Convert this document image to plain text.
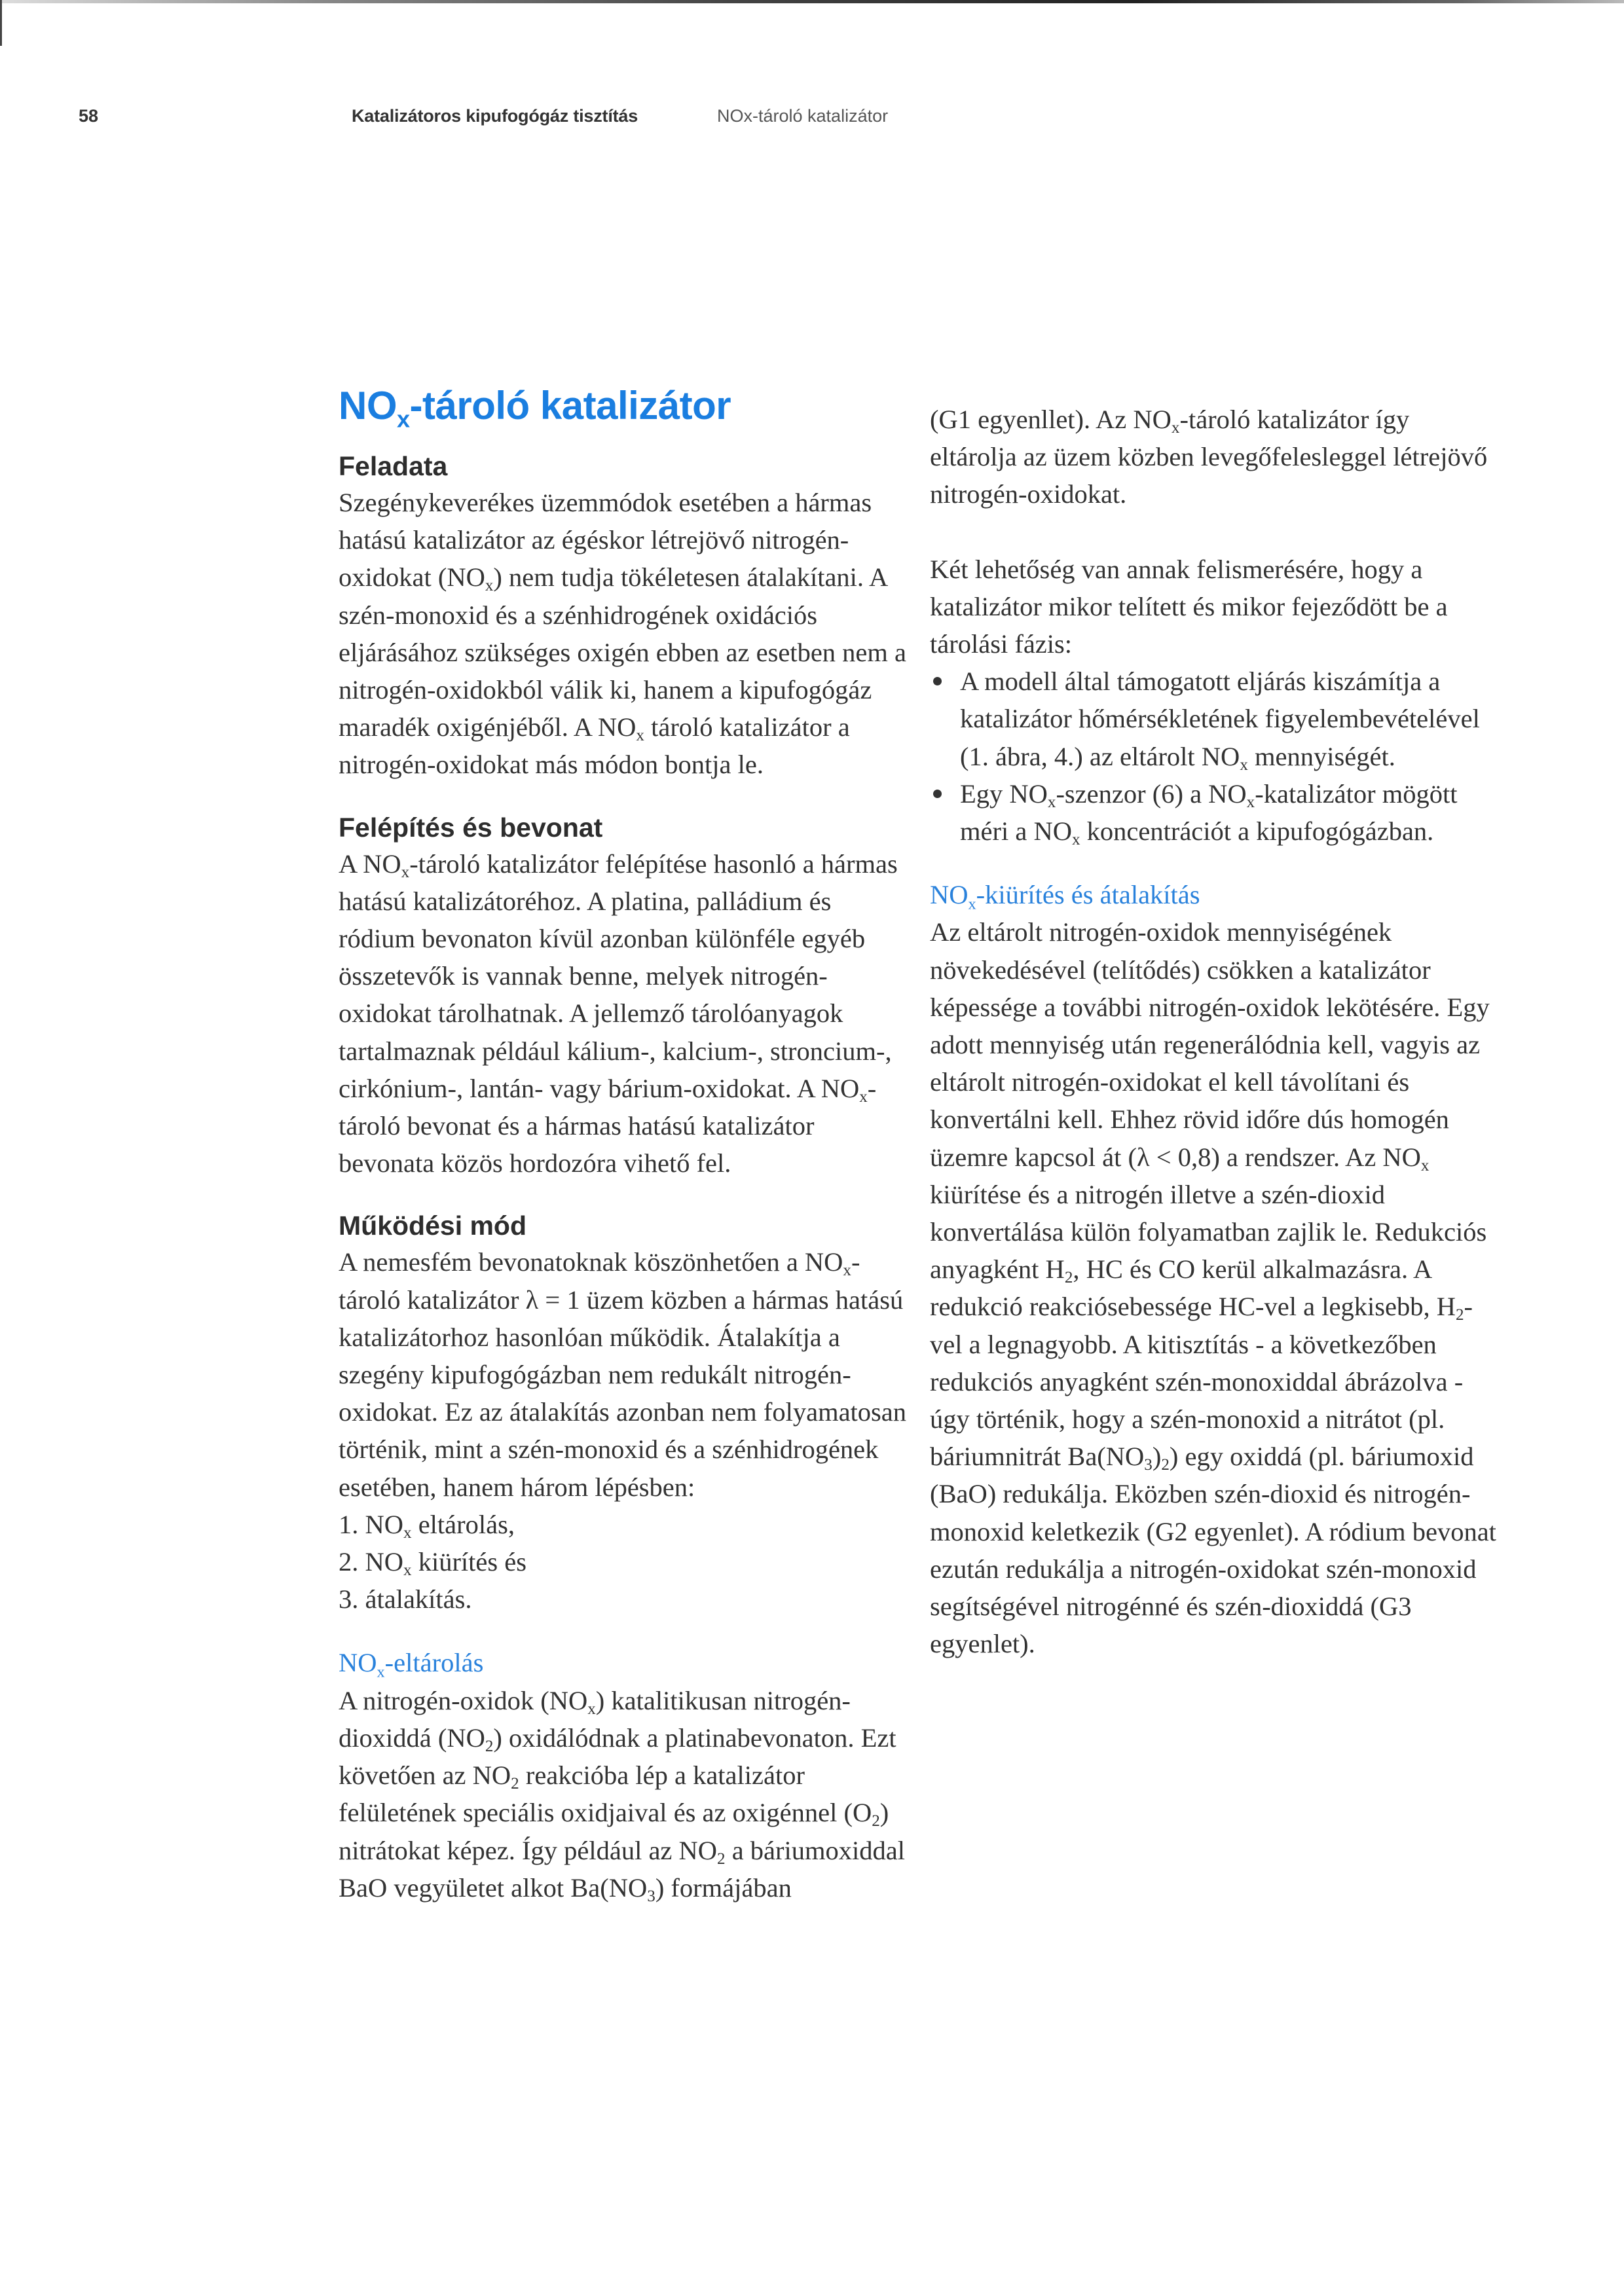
58	Katalizátoros kipufogógáz tisztítás	NOx-tároló katalizátor
$NO_x$-tároló katalizátor
Feladata

Szegénykeverékes üzemmódok esetében a hármas hatású katalizátor az égéskor létrejövő nitrogén-oxidokat $(NO_x)$ nem tudja tökéletesen átalakítani. A szén-monoxid és a szénhidrogének oxidációs eljárásához szükséges oxigén ebben az esetben nem a nitrogén-oxidokból válik ki, hanem a kipufogógáz maradék oxigénjéből. A $NO_x$ tároló katalizátor a nitrogén-oxidokat más módon bontja le.

Felépítés és bevonat

A $NO_x$-tároló katalizátor felépítése hasonló a hármas hatású katalizátoréhoz. A platina, palládium és ródium bevonaton kívül azonban különféle egyéb összetevők is vannak benne, melyek nitrogén-oxidokat tárolhatnak. A jellemző tárolóanyagok tartalmaznak például kálium-, kalcium-, stroncium-, cirkónium-, lantán- vagy bárium-oxidokat. A $NO_x$-tároló bevonat és a hármas hatású katalizátor bevonata közös hordozóra vihető fel.

Működési mód

A nemesfém bevonatoknak köszönhetően a $NO_x$-tároló katalizátor λ = 1 üzem közben a hármas hatású katalizátorhoz hasonlóan működik. Átalakítja a szegény kipufogógázban nem redukált nitrogén-oxidokat. Ez az átalakítás azonban nem folyamatosan történik, mint a szén-monoxid és a szénhidrogének esetében, hanem három lépésben:

1. $NO_x$ eltárolás,
2. $NO_x$ kiürítés és
3. átalakítás.
$NO_x$-eltárolás

A nitrogén-oxidok $(NO_x)$ katalitikusan nitrogén-dioxiddá $(NO_2)$ oxidálódnak a platinabevonaton. Ezt követően az $NO_2$ reakcióba lép a katalizátor felületének speciális oxidjaival és az oxigénnel $(O_2)$ nitrátokat képez. Így például az $NO_2$ a báriumoxiddal BaO vegyületet alkot $Ba(NO_3)$ formájában

(G1 egyenllet). Az $NO_x$-tároló katalizátor így eltárolja az üzem közben levegőfelesleggel létrejövő nitrogén-oxidokat.

Két lehetőség van annak felismerésére, hogy a katalizátor mikor telített és mikor fejeződött be a tárolási fázis:

A modell által támogatott eljárás kiszámítja a katalizátor hőmérsékletének figyelembevételével (1. ábra, 4.) az eltárolt $NO_x$ mennyiségét.
Egy $NO_x$-szenzor (6) a $NO_x$-katalizátor mögött méri a $NO_x$ koncentrációt a kipufogógázban.
$NO_x$-kiürítés és átalakítás

Az eltárolt nitrogén-oxidok mennyiségének növekedésével (telítődés) csökken a katalizátor képessége a további nitrogén-oxidok lekötésére. Egy adott mennyiség után regenerálódnia kell, vagyis az eltárolt nitrogén-oxidokat el kell távolítani és konvertálni kell. Ehhez rövid időre dús homogén üzemre kapcsol át (λ < 0,8) a rendszer. Az $NO_x$ kiürítése és a nitrogén illetve a szén-dioxid konvertálása külön folyamatban zajlik le. Redukciós anyagként $H_2$, HC és CO kerül alkalmazásra. A redukció reakciósebessége HC-vel a legkisebb, $H_2$-vel a legnagyobb. A kitisztítás - a következőben redukciós anyagként szén-monoxiddal ábrázolva - úgy történik, hogy a szén-monoxid a nitrátot (pl. báriumnitrát $Ba(NO_3)_2$) egy oxiddá (pl. báriumoxid (BaO) redukálja. Eközben szén-dioxid és nitrogén-monoxid keletkezik (G2 egyenlet). A ródium bevonat ezután redukálja a nitrogén-oxidokat szén-monoxid segítségével nitrogénné és szén-dioxiddá (G3 egyenlet).
